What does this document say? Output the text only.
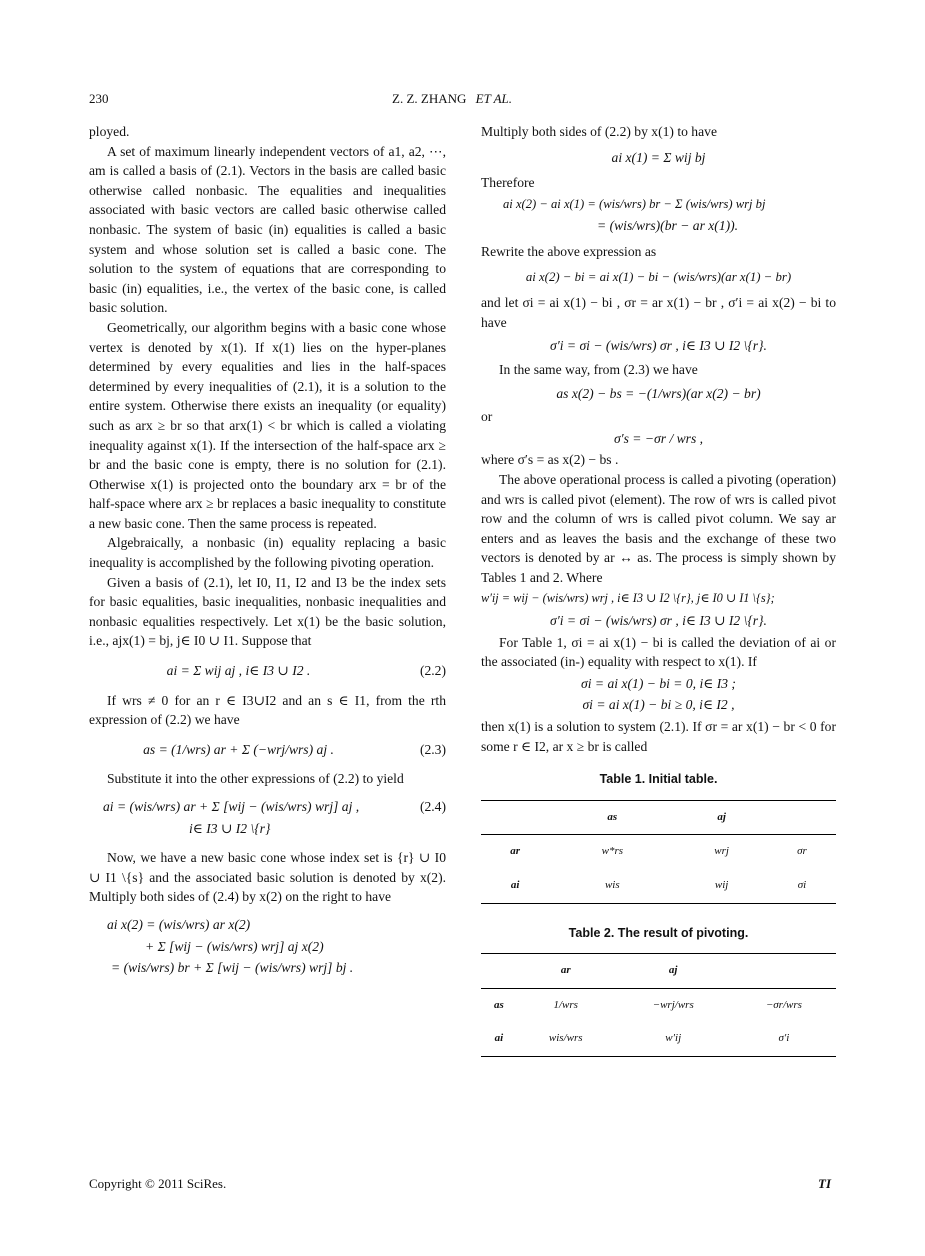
230	Z. Z. ZHANG ET AL.

ployed.

A set of maximum linearly independent vectors of a1, a2, ⋯, am is called a basis of (2.1). Vectors in the basis are called basic otherwise called nonbasic. The equalities and inequalities associated with basic vectors are called basic otherwise called nonbasic. The system of basic (in) equalities is called a basic system and whose solution set is called a basic cone. The solution to the system of equations that are corresponding to basic (in) equalities, i.e., the vertex of the basic cone, is called basic solution.

Geometrically, our algorithm begins with a basic cone whose vertex is denoted by x(1). If x(1) lies on the hyper-planes determined by every equalities and lies in the half-spaces determined by every inequalities of (2.1), it is a solution to the entire system. Otherwise there exists an inequality (or equality) such as arx ≥ br so that arx(1) < br which is called a violating inequality against x(1). If the intersection of the half-space arx ≥ br and the basic cone is empty, there is no solution for (2.1). Otherwise x(1) is projected onto the boundary arx = br of the half-space where arx ≥ br replaces a basic inequality to constitute a new basic cone. Then the same process is repeated.

Algebraically, a nonbasic (in) equality replacing a basic inequality is accomplished by the following pivoting operation.

Given a basis of (2.1), let I0, I1, I2 and I3 be the index sets for basic equalities, basic inequalities, nonbasic inequalities and nonbasic equalities respectively. Let x(1) be the basic solution, i.e., ajx(1) = bj, j∈ I0 ∪ I1. Suppose that

ai = Σ wij aj , i∈ I3 ∪ I2 .	(2.2)

If wrs ≠ 0 for an r ∈ I3∪I2 and an s ∈ I1, from the rth expression of (2.2) we have

as = (1/wrs) ar + Σ (−wrj/wrs) aj .	(2.3)

Substitute it into the other expressions of (2.2) to yield

ai = (wis/wrs) ar + Σ [wij − (wis/wrs) wrj] aj ,	(2.4)
i∈ I3 ∪ I2 \{r}

Now, we have a new basic cone whose index set is {r} ∪ I0 ∪ I1 \{s} and the associated basic solution is denoted by x(2). Multiply both sides of (2.4) by x(2) on the right to have

ai x(2) = (wis/wrs) ar x(2)
+ Σ [wij − (wis/wrs) wrj] aj x(2)
= (wis/wrs) br + Σ [wij − (wis/wrs) wrj] bj .

Multiply both sides of (2.2) by x(1) to have

ai x(1) = Σ wij bj

Therefore

ai x(2) − ai x(1) = (wis/wrs) br − Σ (wis/wrs) wrj bj
= (wis/wrs)(br − ar x(1)).

Rewrite the above expression as

ai x(2) − bi = ai x(1) − bi − (wis/wrs)(ar x(1) − br)

and let σi = ai x(1) − bi , σr = ar x(1) − br , σ′i = ai x(2) − bi to have

σ′i = σi − (wis/wrs) σr , i∈ I3 ∪ I2 \{r}.

In the same way, from (2.3) we have

as x(2) − bs = −(1/wrs)(ar x(2) − br)

or

σ′s = −σr / wrs ,

where σ′s = as x(2) − bs .

The above operational process is called a pivoting (operation) and wrs is called pivot (element). The row of wrs is called pivot row and the column of wrs is called pivot column. We say ar enters and as leaves the basis and the exchange of these two vectors is denoted by ar ↔ as. The process is simply shown by Tables 1 and 2. Where

w′ij = wij − (wis/wrs) wrj , i∈ I3 ∪ I2 \{r}, j∈ I0 ∪ I1 \{s};
σ′i = σi − (wis/wrs) σr , i∈ I3 ∪ I2 \{r}.

For Table 1, σi = ai x(1) − bi is called the deviation of ai or the associated (in-) equality with respect to x(1). If

σi = ai x(1) − bi = 0, i∈ I3 ;
σi = ai x(1) − bi ≥ 0, i∈ I2 ,

then x(1) is a solution to system (2.1). If σr = ar x(1) − br < 0 for some r ∈ I2, ar x ≥ br is called

Table 1. Initial table.
	as	aj	
ar	w*rs	wrj	σr
ai	wis	wij	σi
Table 2. The result of pivoting.
	ar	aj	
as	1/wrs	−wrj/wrs	−σr/wrs
ai	wis/wrs	w′ij	σ′i
Copyright © 2011 SciRes.	TI
